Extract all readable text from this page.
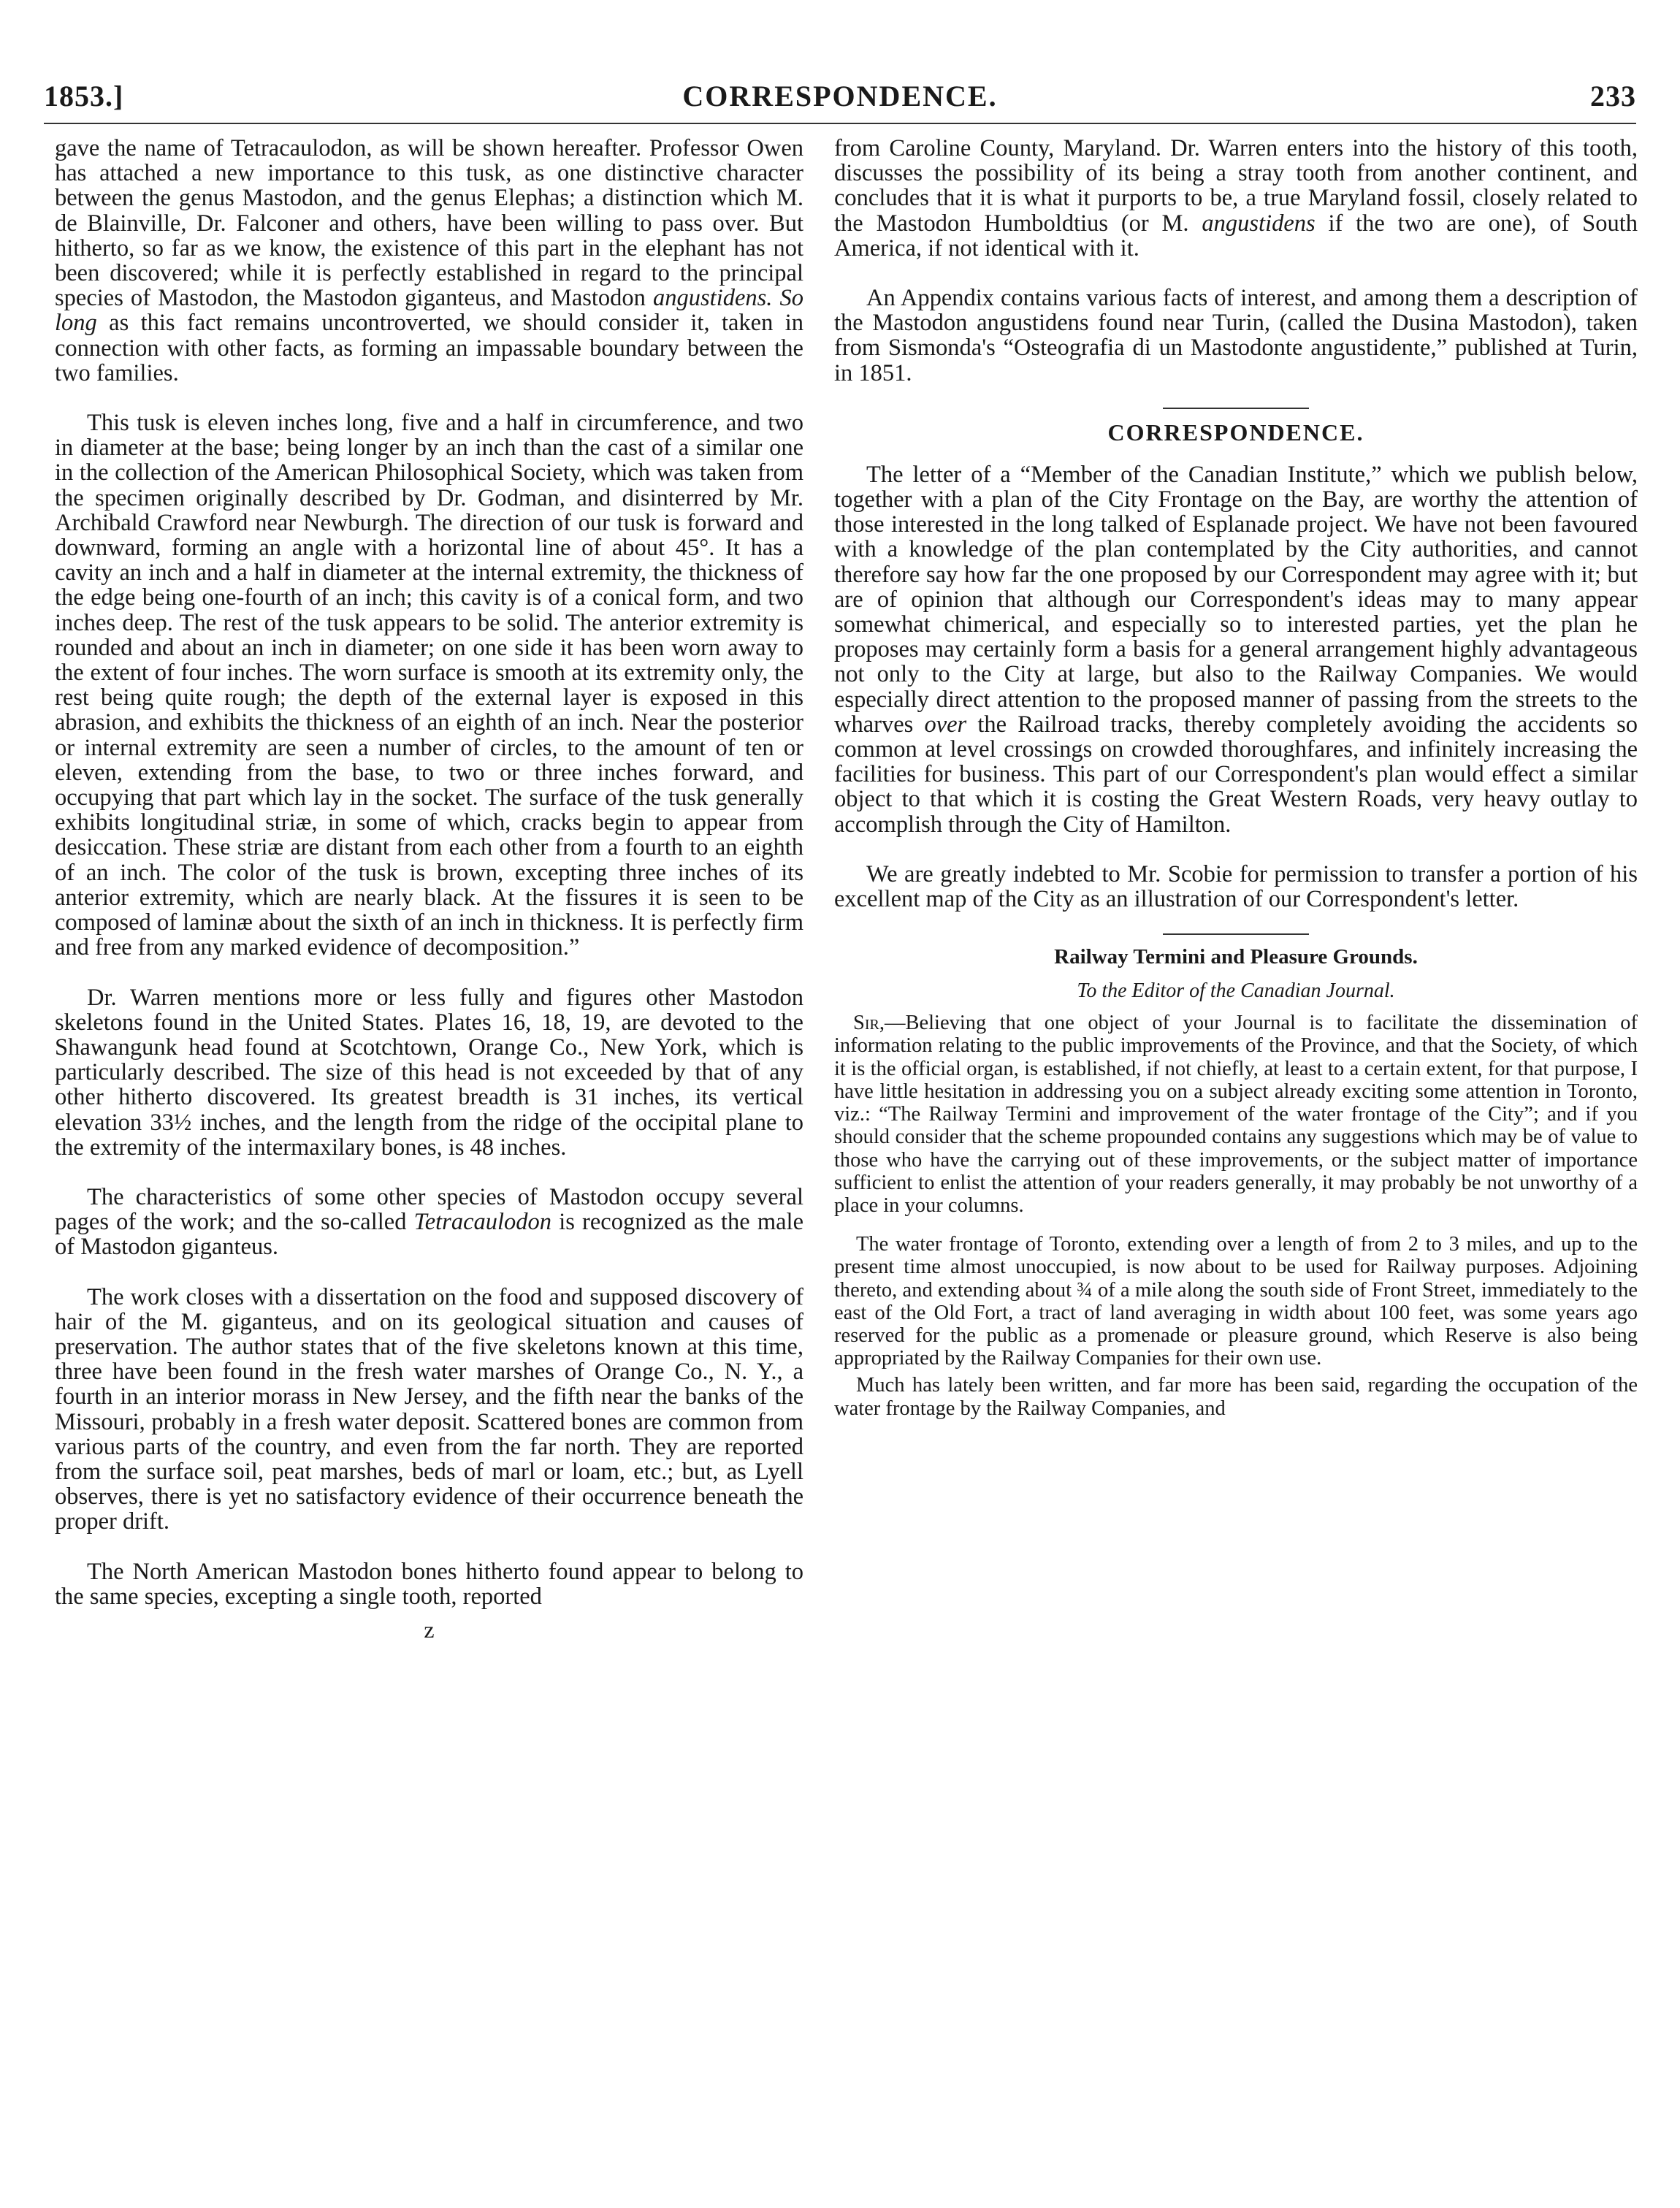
1853.]	CORRESPONDENCE.	233

gave the name of Tetracaulodon, as will be shown hereafter. Professor Owen has attached a new importance to this tusk, as one distinctive character between the genus Mastodon, and the genus Elephas; a distinction which M. de Blainville, Dr. Falconer and others, have been willing to pass over. But hitherto, so far as we know, the existence of this part in the elephant has not been discovered; while it is perfectly established in regard to the principal species of Mastodon, the Mastodon giganteus, and Mastodon angustidens. So long as this fact remains uncontroverted, we should consider it, taken in connection with other facts, as forming an impassable boundary between the two families.

This tusk is eleven inches long, five and a half in circumference, and two in diameter at the base; being longer by an inch than the cast of a similar one in the collection of the American Philosophical Society, which was taken from the specimen originally described by Dr. Godman, and disinterred by Mr. Archibald Crawford near Newburgh. The direction of our tusk is forward and downward, forming an angle with a horizontal line of about 45°. It has a cavity an inch and a half in diameter at the internal extremity, the thickness of the edge being one-fourth of an inch; this cavity is of a conical form, and two inches deep. The rest of the tusk appears to be solid. The anterior extremity is rounded and about an inch in diameter; on one side it has been worn away to the extent of four inches. The worn surface is smooth at its extremity only, the rest being quite rough; the depth of the external layer is exposed in this abrasion, and exhibits the thickness of an eighth of an inch. Near the posterior or internal extremity are seen a number of circles, to the amount of ten or eleven, extending from the base, to two or three inches forward, and occupying that part which lay in the socket. The surface of the tusk generally exhibits longitudinal striæ, in some of which, cracks begin to appear from desiccation. These striæ are distant from each other from a fourth to an eighth of an inch. The color of the tusk is brown, excepting three inches of its anterior extremity, which are nearly black. At the fissures it is seen to be composed of laminæ about the sixth of an inch in thickness. It is perfectly firm and free from any marked evidence of decomposition.”

Dr. Warren mentions more or less fully and figures other Mastodon skeletons found in the United States. Plates 16, 18, 19, are devoted to the Shawangunk head found at Scotchtown, Orange Co., New York, which is particularly described. The size of this head is not exceeded by that of any other hitherto discovered. Its greatest breadth is 31 inches, its vertical elevation 33½ inches, and the length from the ridge of the occipital plane to the extremity of the intermaxilary bones, is 48 inches.

The characteristics of some other species of Mastodon occupy several pages of the work; and the so-called Tetracaulodon is recognized as the male of Mastodon giganteus.

The work closes with a dissertation on the food and supposed discovery of hair of the M. giganteus, and on its geological situation and causes of preservation. The author states that of the five skeletons known at this time, three have been found in the fresh water marshes of Orange Co., N. Y., a fourth in an interior morass in New Jersey, and the fifth near the banks of the Missouri, probably in a fresh water deposit. Scattered bones are common from various parts of the country, and even from the far north. They are reported from the surface soil, peat marshes, beds of marl or loam, etc.; but, as Lyell observes, there is yet no satisfactory evidence of their occurrence beneath the proper drift.

The North American Mastodon bones hitherto found appear to belong to the same species, excepting a single tooth, reported

z

from Caroline County, Maryland. Dr. Warren enters into the history of this tooth, discusses the possibility of its being a stray tooth from another continent, and concludes that it is what it purports to be, a true Maryland fossil, closely related to the Mastodon Humboldtius (or M. angustidens if the two are one), of South America, if not identical with it.

An Appendix contains various facts of interest, and among them a description of the Mastodon angustidens found near Turin, (called the Dusina Mastodon), taken from Sismonda's “Osteografia di un Mastodonte angustidente,” published at Turin, in 1851.

CORRESPONDENCE.

The letter of a “Member of the Canadian Institute,” which we publish below, together with a plan of the City Frontage on the Bay, are worthy the attention of those interested in the long talked of Esplanade project. We have not been favoured with a knowledge of the plan contemplated by the City authorities, and cannot therefore say how far the one proposed by our Correspondent may agree with it; but are of opinion that although our Correspondent's ideas may to many appear somewhat chimerical, and especially so to interested parties, yet the plan he proposes may certainly form a basis for a general arrangement highly advantageous not only to the City at large, but also to the Railway Companies. We would especially direct attention to the proposed manner of passing from the streets to the wharves over the Railroad tracks, thereby completely avoiding the accidents so common at level crossings on crowded thoroughfares, and infinitely increasing the facilities for business. This part of our Correspondent's plan would effect a similar object to that which it is costing the Great Western Roads, very heavy outlay to accomplish through the City of Hamilton.

We are greatly indebted to Mr. Scobie for permission to transfer a portion of his excellent map of the City as an illustration of our Correspondent's letter.

Railway Termini and Pleasure Grounds.
To the Editor of the Canadian Journal.

Sir,—Believing that one object of your Journal is to facilitate the dissemination of information relating to the public improvements of the Province, and that the Society, of which it is the official organ, is established, if not chiefly, at least to a certain extent, for that purpose, I have little hesitation in addressing you on a subject already exciting some attention in Toronto, viz.: “The Railway Termini and improvement of the water frontage of the City”; and if you should consider that the scheme propounded contains any suggestions which may be of value to those who have the carrying out of these improvements, or the subject matter of importance sufficient to enlist the attention of your readers generally, it may probably be not unworthy of a place in your columns.

The water frontage of Toronto, extending over a length of from 2 to 3 miles, and up to the present time almost unoccupied, is now about to be used for Railway purposes. Adjoining thereto, and extending about ¾ of a mile along the south side of Front Street, immediately to the east of the Old Fort, a tract of land averaging in width about 100 feet, was some years ago reserved for the public as a promenade or pleasure ground, which Reserve is also being appropriated by the Railway Companies for their own use.

Much has lately been written, and far more has been said, regarding the occupation of the water frontage by the Railway Companies, and
